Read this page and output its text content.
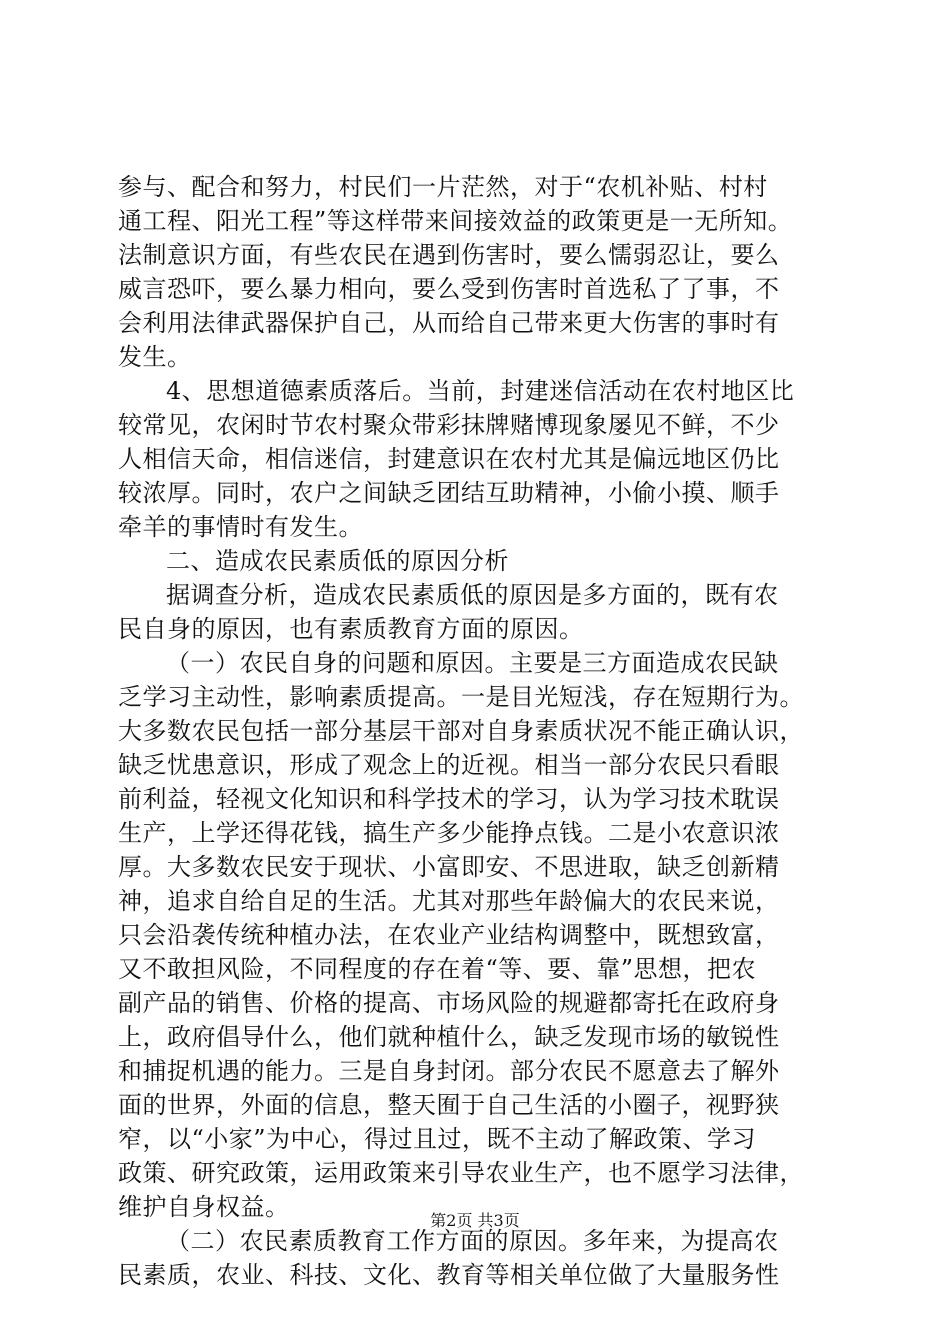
参与、配合和努力，村民们一片茫然，对于“农机补贴、村村
通工程、阳光工程”等这样带来间接效益的政策更是一无所知。
法制意识方面，有些农民在遇到伤害时，要么懦弱忍让，要么
威言恐吓，要么暴力相向，要么受到伤害时首选私了了事，不
会利用法律武器保护自己，从而给自己带来更大伤害的事时有
发生。
4、思想道德素质落后。当前，封建迷信活动在农村地区比
较常见，农闲时节农村聚众带彩抹牌赌博现象屡见不鲜，不少
人相信天命，相信迷信，封建意识在农村尤其是偏远地区仍比
较浓厚。同时，农户之间缺乏团结互助精神，小偷小摸、顺手
牵羊的事情时有发生。
二、造成农民素质低的原因分析
据调查分析，造成农民素质低的原因是多方面的，既有农
民自身的原因，也有素质教育方面的原因。
（一）农民自身的问题和原因。主要是三方面造成农民缺
乏学习主动性，影响素质提高。一是目光短浅，存在短期行为。
大多数农民包括一部分基层干部对自身素质状况不能正确认识，
缺乏忧患意识，形成了观念上的近视。相当一部分农民只看眼
前利益，轻视文化知识和科学技术的学习，认为学习技术耽误
生产，上学还得花钱，搞生产多少能挣点钱。二是小农意识浓
厚。大多数农民安于现状、小富即安、不思进取，缺乏创新精
神，追求自给自足的生活。尤其对那些年龄偏大的农民来说，
只会沿袭传统种植办法，在农业产业结构调整中，既想致富，
又不敢担风险，不同程度的存在着“等、要、靠”思想，把农
副产品的销售、价格的提高、市场风险的规避都寄托在政府身
上，政府倡导什么，他们就种植什么，缺乏发现市场的敏锐性
和捕捉机遇的能力。三是自身封闭。部分农民不愿意去了解外
面的世界，外面的信息，整天囿于自己生活的小圈子，视野狭
窄，以“小家”为中心，得过且过，既不主动了解政策、学习
政策、研究政策，运用政策来引导农业生产，也不愿学习法律，
维护自身权益。
（二）农民素质教育工作方面的原因。多年来，为提高农
民素质，农业、科技、文化、教育等相关单位做了大量服务性
第2页 共3页
